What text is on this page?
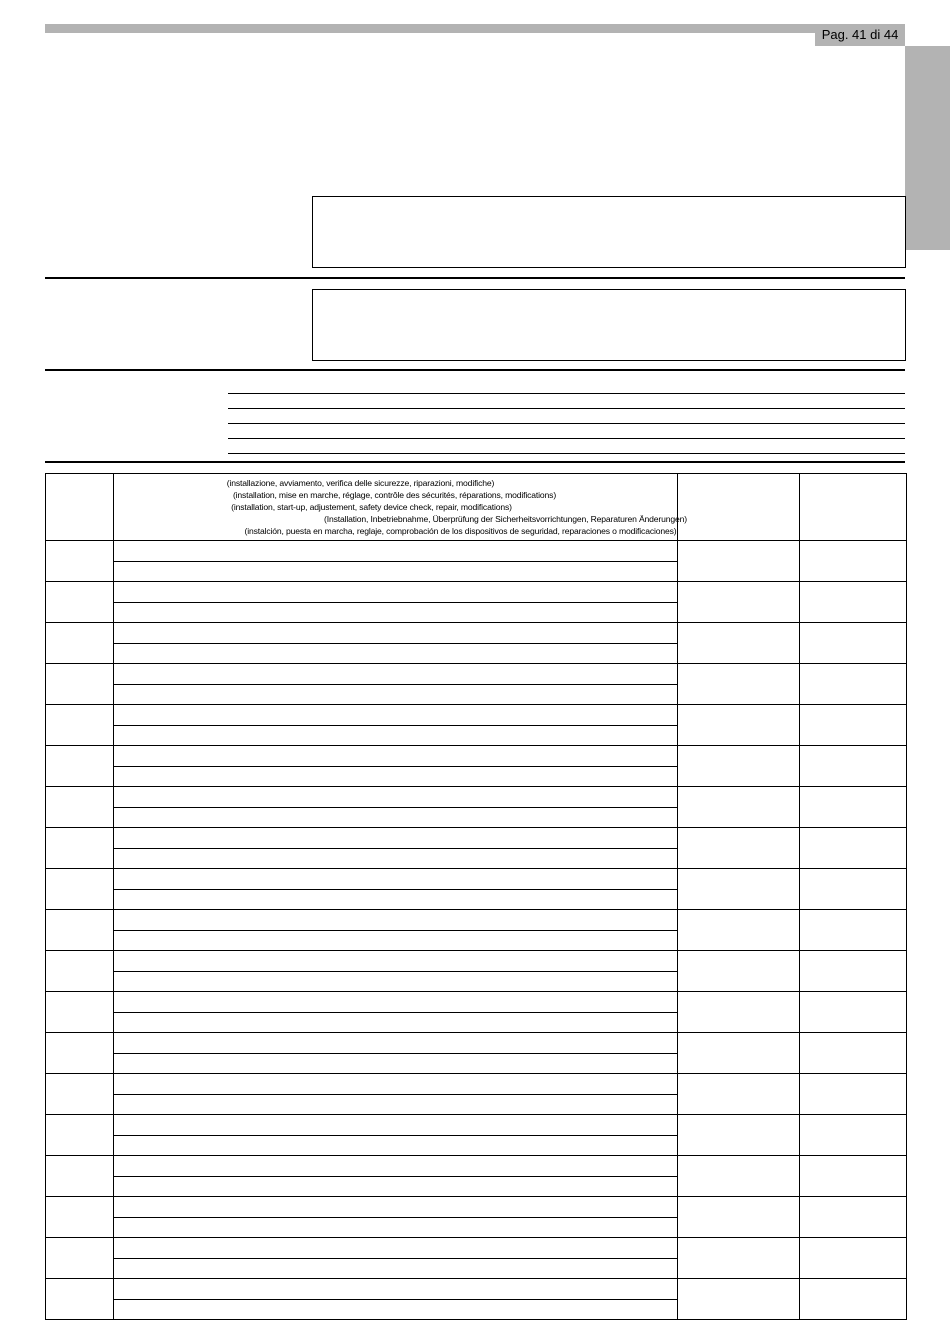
Pag. 41 di 44

	(installazione, avviamento, verifica delle sicurezze, riparazioni, modifiche)
(installation, mise en marche, réglage, contrôle des sécurités, réparations, modifications)
(installation, start-up, adjustement, safety device check, repair, modifications)
(Installation, Inbetriebnahme, Überprüfung der Sicherheitsvorrichtungen, Reparaturen Änderungen)
(instalción, puesta en marcha, reglaje, comprobación de los dispositivos de seguridad, reparaciones o modificaciones)		
